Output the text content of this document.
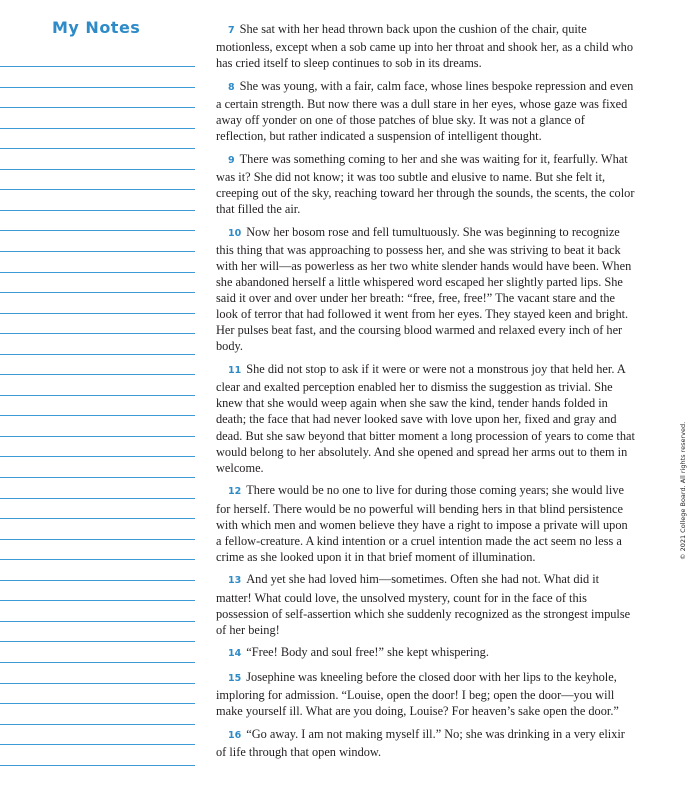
My Notes	7 She sat with her head thrown back upon the cushion of the chair, quite motionless, except when a sob came up into her throat and shook her, as a child who has cried itself to sleep continues to sob in its dreams.

8 She was young, with a fair, calm face, whose lines bespoke repression and even a certain strength. But now there was a dull stare in her eyes, whose gaze was fixed away off yonder on one of those patches of blue sky. It was not a glance of reflection, but rather indicated a suspension of intelligent thought.

9 There was something coming to her and she was waiting for it, fearfully. What was it? She did not know; it was too subtle and elusive to name. But she felt it, creeping out of the sky, reaching toward her through the sounds, the scents, the color that filled the air.

10 Now her bosom rose and fell tumultuously. She was beginning to recognize this thing that was approaching to possess her, and she was striving to beat it back with her will—as powerless as her two white slender hands would have been. When she abandoned herself a little whispered word escaped her slightly parted lips. She said it over and over under her breath: “free, free, free!” The vacant stare and the look of terror that had followed it went from her eyes. They stayed keen and bright. Her pulses beat fast, and the coursing blood warmed and relaxed every inch of her body.

11 She did not stop to ask if it were or were not a monstrous joy that held her. A clear and exalted perception enabled her to dismiss the suggestion as trivial. She knew that she would weep again when she saw the kind, tender hands folded in death; the face that had never looked save with love upon her, fixed and gray and dead. But she saw beyond that bitter moment a long procession of years to come that would belong to her absolutely. And she opened and spread her arms out to them in welcome.

12 There would be no one to live for during those coming years; she would live for herself. There would be no powerful will bending hers in that blind persistence with which men and women believe they have a right to impose a private will upon a fellow-creature. A kind intention or a cruel intention made the act seem no less a crime as she looked upon it in that brief moment of illumination.

13 And yet she had loved him—sometimes. Often she had not. What did it matter! What could love, the unsolved mystery, count for in the face of this possession of self-assertion which she suddenly recognized as the strongest impulse of her being!

14 “Free! Body and soul free!” she kept whispering.

15 Josephine was kneeling before the closed door with her lips to the keyhole, imploring for admission. “Louise, open the door! I beg; open the door—you will make yourself ill. What are you doing, Louise? For heaven’s sake open the door.”

16 “Go away. I am not making myself ill.” No; she was drinking in a very elixir of life through that open window.

© 2021 College Board. All rights reserved.
